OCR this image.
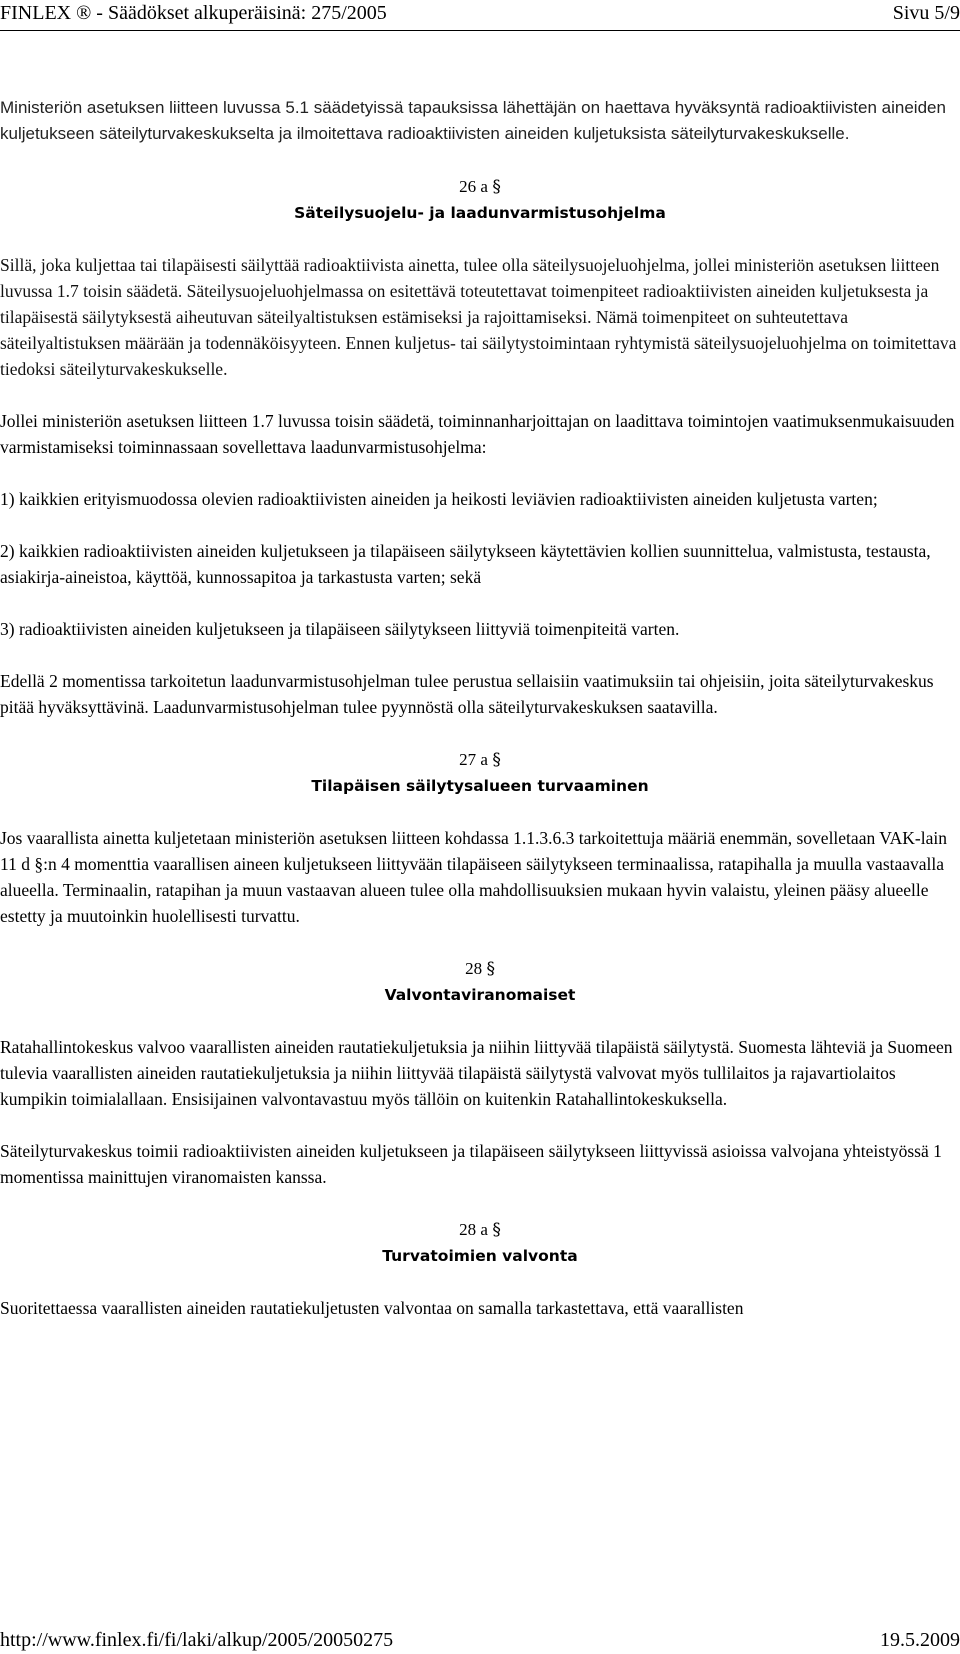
FINLEX ® - Säädökset alkuperäisinä: 275/2005	Sivu 5/9

Ministeriön asetuksen liitteen luvussa 5.1 säädetyissä tapauksissa lähettäjän on haettava hyväksyntä radioaktiivisten aineiden kuljetukseen säteilyturvakeskukselta ja ilmoitettava radioaktiivisten aineiden kuljetuksista säteilyturvakeskukselle.

26 a §
Säteilysuojelu- ja laadunvarmistusohjelma

Sillä, joka kuljettaa tai tilapäisesti säilyttää radioaktiivista ainetta, tulee olla säteilysuojeluohjelma, jollei ministeriön asetuksen liitteen luvussa 1.7 toisin säädetä. Säteilysuojeluohjelmassa on esitettävä toteutettavat toimenpiteet radioaktiivisten aineiden kuljetuksesta ja tilapäisestä säilytyksestä aiheutuvan säteilyaltistuksen estämiseksi ja rajoittamiseksi. Nämä toimenpiteet on suhteutettava säteilyaltistuksen määrään ja todennäköisyyteen. Ennen kuljetus- tai säilytystoimintaan ryhtymistä säteilysuojeluohjelma on toimitettava tiedoksi säteilyturvakeskukselle.

Jollei ministeriön asetuksen liitteen 1.7 luvussa toisin säädetä, toiminnanharjoittajan on laadittava toimintojen vaatimuksenmukaisuuden varmistamiseksi toiminnassaan sovellettava laadunvarmistusohjelma:

1) kaikkien erityismuodossa olevien radioaktiivisten aineiden ja heikosti leviävien radioaktiivisten aineiden kuljetusta varten;

2) kaikkien radioaktiivisten aineiden kuljetukseen ja tilapäiseen säilytykseen käytettävien kollien suunnittelua, valmistusta, testausta, asiakirja-aineistoa, käyttöä, kunnossapitoa ja tarkastusta varten; sekä

3) radioaktiivisten aineiden kuljetukseen ja tilapäiseen säilytykseen liittyviä toimenpiteitä varten.

Edellä 2 momentissa tarkoitetun laadunvarmistusohjelman tulee perustua sellaisiin vaatimuksiin tai ohjeisiin, joita säteilyturvakeskus pitää hyväksyttävinä. Laadunvarmistusohjelman tulee pyynnöstä olla säteilyturvakeskuksen saatavilla.

27 a §
Tilapäisen säilytysalueen turvaaminen

Jos vaarallista ainetta kuljetetaan ministeriön asetuksen liitteen kohdassa 1.1.3.6.3 tarkoitettuja määriä enemmän, sovelletaan VAK-lain 11 d §:n 4 momenttia vaarallisen aineen kuljetukseen liittyvään tilapäiseen säilytykseen terminaalissa, ratapihalla ja muulla vastaavalla alueella. Terminaalin, ratapihan ja muun vastaavan alueen tulee olla mahdollisuuksien mukaan hyvin valaistu, yleinen pääsy alueelle estetty ja muutoinkin huolellisesti turvattu.

28 §
Valvontaviranomaiset

Ratahallintokeskus valvoo vaarallisten aineiden rautatiekuljetuksia ja niihin liittyvää tilapäistä säilytystä. Suomesta lähteviä ja Suomeen tulevia vaarallisten aineiden rautatiekuljetuksia ja niihin liittyvää tilapäistä säilytystä valvovat myös tullilaitos ja rajavartiolaitos kumpikin toimialallaan. Ensisijainen valvontavastuu myös tällöin on kuitenkin Ratahallintokeskuksella.

Säteilyturvakeskus toimii radioaktiivisten aineiden kuljetukseen ja tilapäiseen säilytykseen liittyvissä asioissa valvojana yhteistyössä 1 momentissa mainittujen viranomaisten kanssa.

28 a §
Turvatoimien valvonta

Suoritettaessa vaarallisten aineiden rautatiekuljetusten valvontaa on samalla tarkastettava, että vaarallisten

http://www.finlex.fi/fi/laki/alkup/2005/20050275	19.5.2009
